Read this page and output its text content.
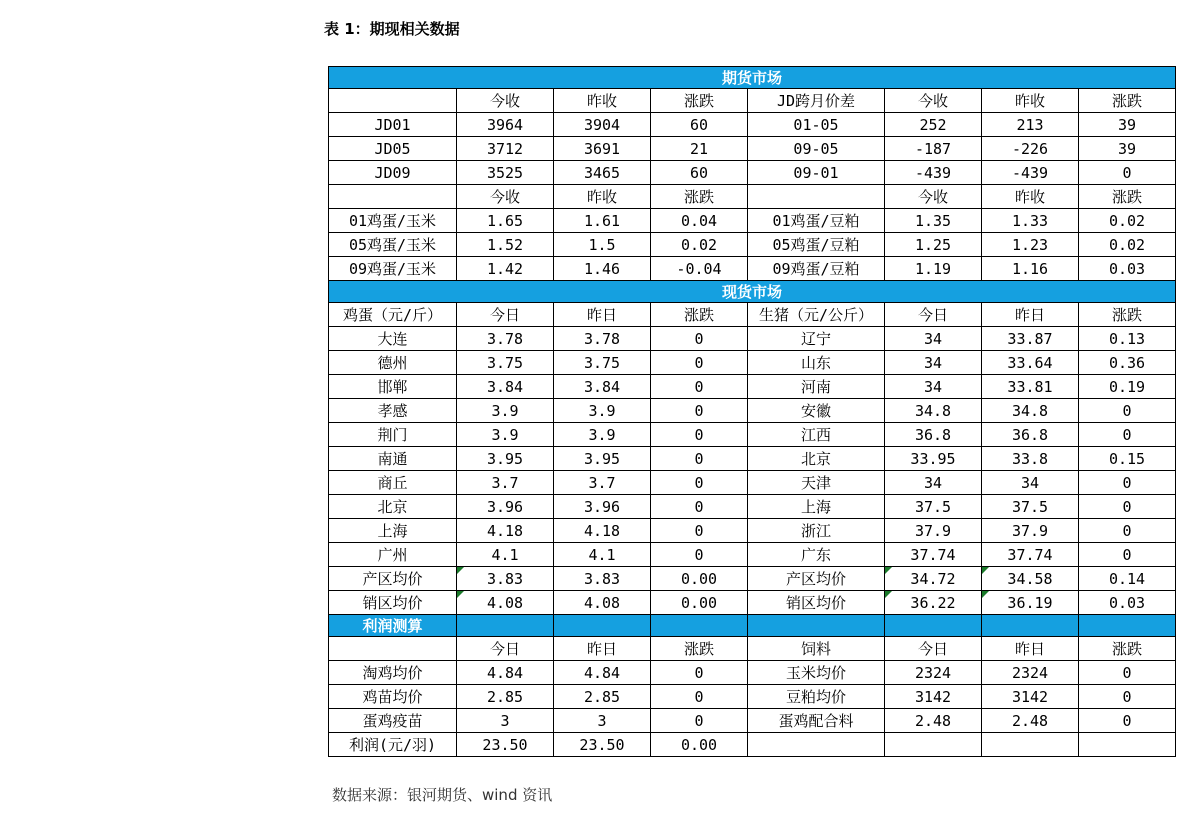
表 1：期现相关数据
期货市场							
	今收	昨收	涨跌	JD跨月价差	今收	昨收	涨跌
JD01	3964	3904	60	01-05	252	213	39
JD05	3712	3691	21	09-05	-187	-226	39
JD09	3525	3465	60	09-01	-439	-439	0
	今收	昨收	涨跌		今收	昨收	涨跌
01鸡蛋/玉米	1.65	1.61	0.04	01鸡蛋/豆粕	1.35	1.33	0.02
05鸡蛋/玉米	1.52	1.5	0.02	05鸡蛋/豆粕	1.25	1.23	0.02
09鸡蛋/玉米	1.42	1.46	-0.04	09鸡蛋/豆粕	1.19	1.16	0.03
现货市场							
鸡蛋（元/斤）	今日	昨日	涨跌	生猪（元/公斤）	今日	昨日	涨跌
大连	3.78	3.78	0	辽宁	34	33.87	0.13
德州	3.75	3.75	0	山东	34	33.64	0.36
邯郸	3.84	3.84	0	河南	34	33.81	0.19
孝感	3.9	3.9	0	安徽	34.8	34.8	0
荆门	3.9	3.9	0	江西	36.8	36.8	0
南通	3.95	3.95	0	北京	33.95	33.8	0.15
商丘	3.7	3.7	0	天津	34	34	0
北京	3.96	3.96	0	上海	37.5	37.5	0
上海	4.18	4.18	0	浙江	37.9	37.9	0
广州	4.1	4.1	0	广东	37.74	37.74	0
产区均价	3.83	3.83	0.00	产区均价	34.72	34.58	0.14
销区均价	4.08	4.08	0.00	销区均价	36.22	36.19	0.03
利润测算							
	今日	昨日	涨跌	饲料	今日	昨日	涨跌
淘鸡均价	4.84	4.84	0	玉米均价	2324	2324	0
鸡苗均价	2.85	2.85	0	豆粕均价	3142	3142	0
蛋鸡疫苗	3	3	0	蛋鸡配合料	2.48	2.48	0
利润(元/羽)	23.50	23.50	0.00				
数据来源：银河期货、wind 资讯
